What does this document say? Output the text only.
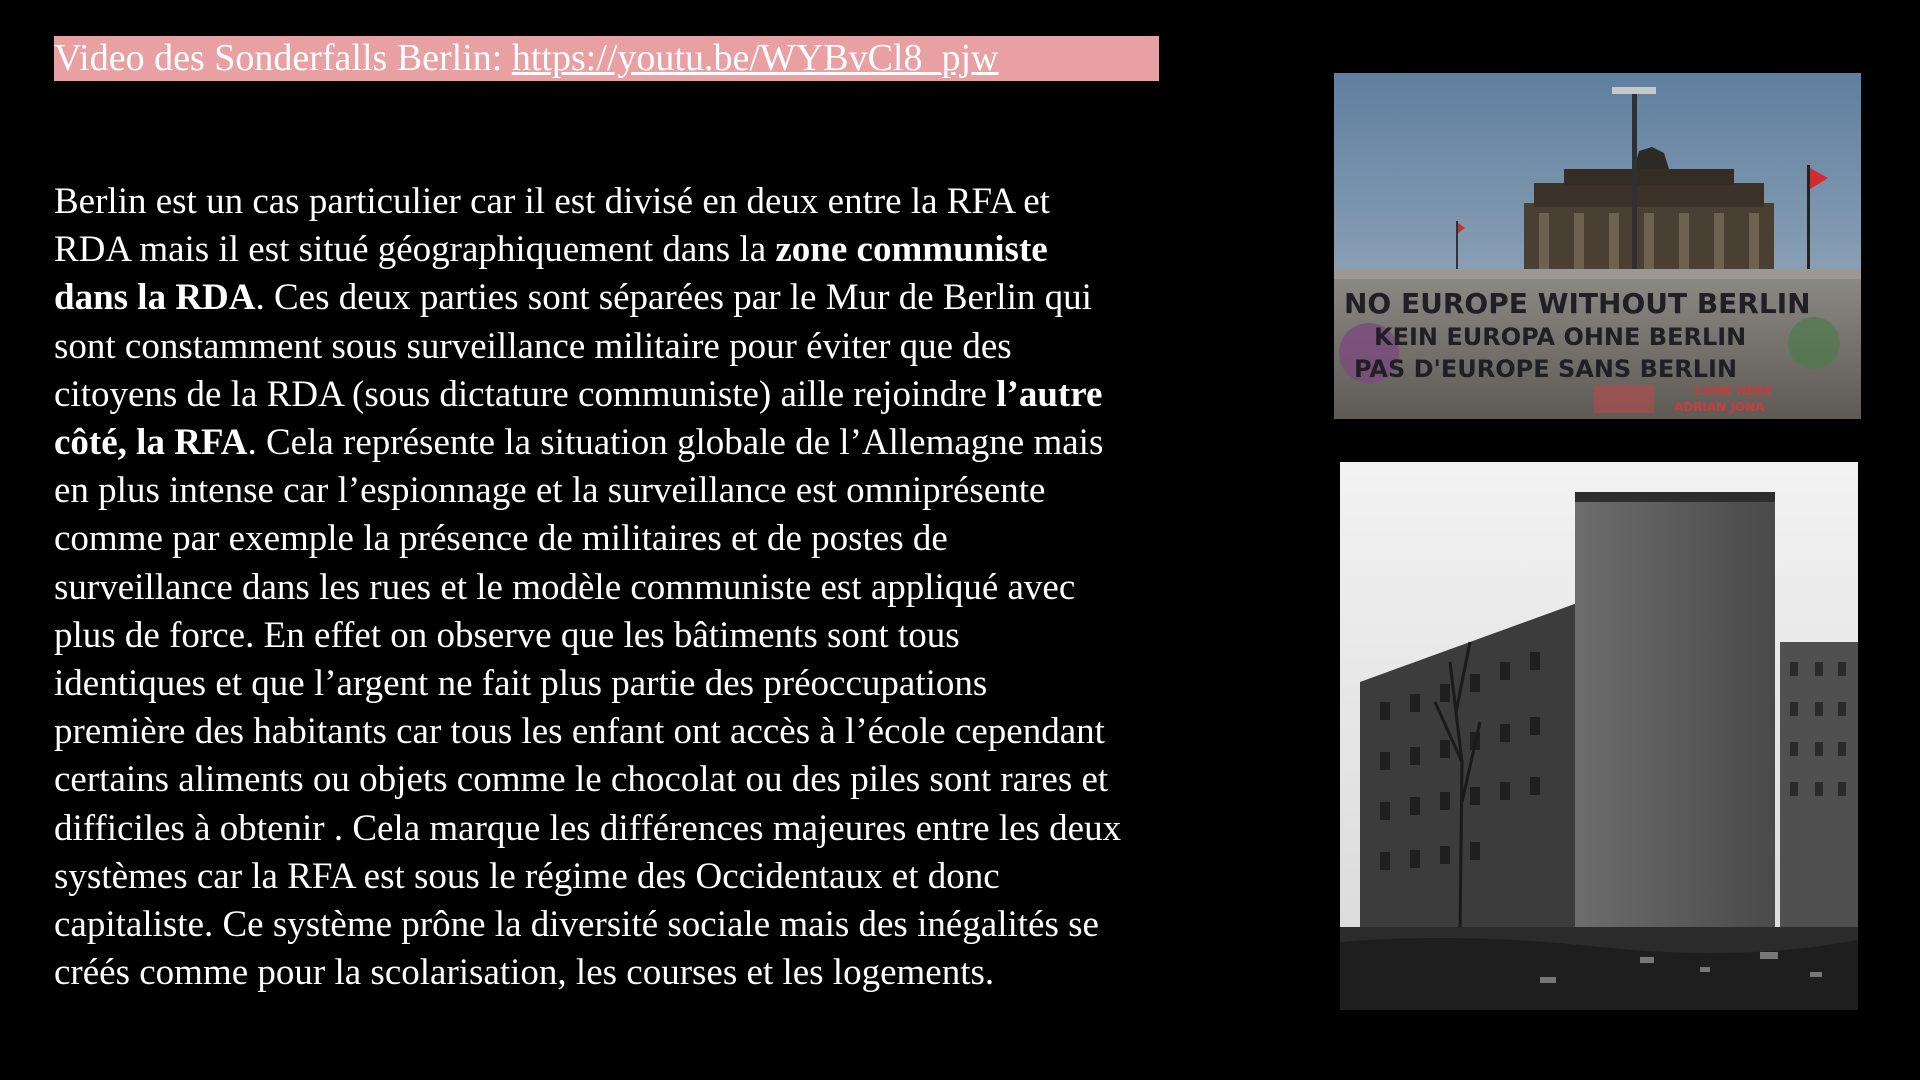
Video des Sonderfalls Berlin: https://youtu.be/WYBvCl8_pjw

Berlin est un cas particulier car il est divisé en deux entre la RFA et
RDA mais il est situé géographiquement dans la zone communiste
dans la RDA. Ces deux parties sont séparées par le Mur de Berlin qui
sont constamment sous surveillance militaire pour éviter que des
citoyens de la RDA (sous dictature communiste) aille rejoindre l’autre
côté, la RFA. Cela représente la situation globale de l’Allemagne mais
en plus intense car l’espionnage et la surveillance est omniprésente
comme par exemple la présence de militaires et de postes de
surveillance dans les rues et le modèle communiste est appliqué avec
plus de force. En effet on observe que les bâtiments sont tous
identiques et que l’argent ne fait plus partie des préoccupations
première des habitants car tous les enfant ont accès à l’école cependant
certains aliments ou objets comme le chocolat ou des piles sont rares et
difficiles à obtenir . Cela marque les différences majeures entre les deux
systèmes car la RFA est sous le régime des Occidentaux et donc
capitaliste. Ce système prône la diversité sociale mais des inégalités se
créés comme pour la scolarisation, les courses et les logements.

NO EUROPE WITHOUT BERLIN
KEIN EUROPA OHNE BERLIN
PAS D'EUROPE SANS BERLIN
CAME HERE
ADRIAN JONA
